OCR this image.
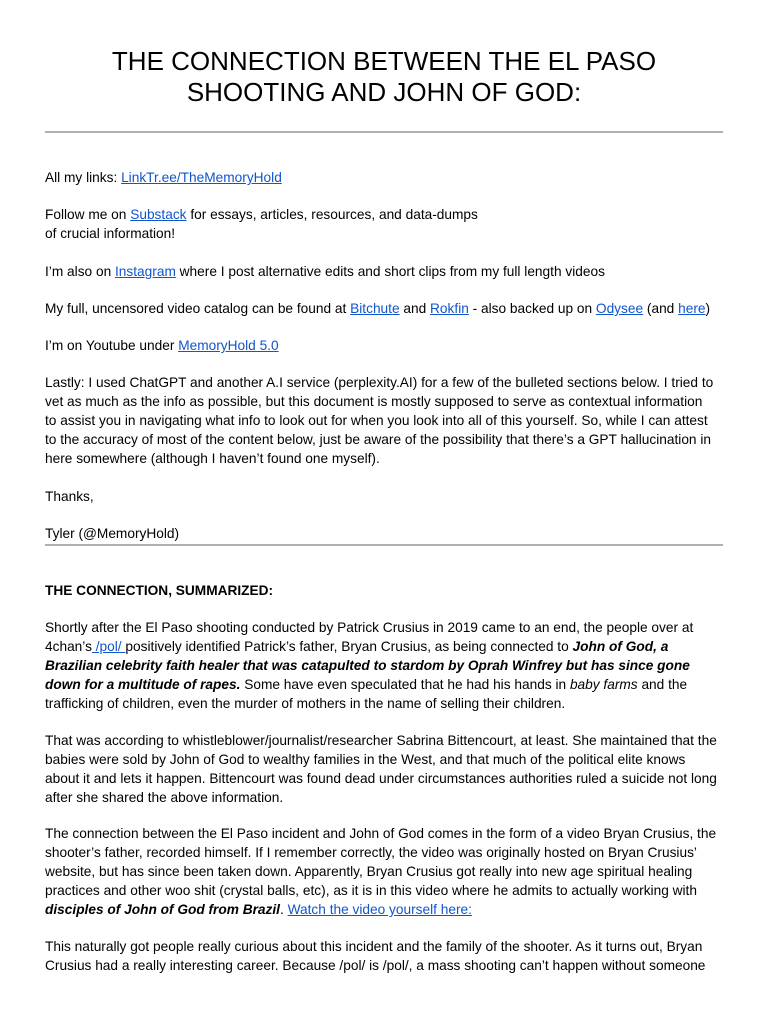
THE CONNECTION BETWEEN THE EL PASO
SHOOTING AND JOHN OF GOD:

All my links: LinkTr.ee/TheMemoryHold

Follow me on Substack for essays, articles, resources, and data-dumps
of crucial information!

I’m also on Instagram where I post alternative edits and short clips from my full length videos

My full, uncensored video catalog can be found at Bitchute and Rokfin - also backed up on Odysee (and here)

I’m on Youtube under MemoryHold 5.0

Lastly: I used ChatGPT and another A.I service (perplexity.AI) for a few of the bulleted sections below. I tried to
vet as much as the info as possible, but this document is mostly supposed to serve as contextual information
to assist you in navigating what info to look out for when you look into all of this yourself. So, while I can attest
to the accuracy of most of the content below, just be aware of the possibility that there’s a GPT hallucination in
here somewhere (although I haven’t found one myself).

Thanks,

Tyler (@MemoryHold)

THE CONNECTION, SUMMARIZED:

Shortly after the El Paso shooting conducted by Patrick Crusius in 2019 came to an end, the people over at
4chan’s /pol/ positively identified Patrick’s father, Bryan Crusius, as being connected to John of God, a
Brazilian celebrity faith healer that was catapulted to stardom by Oprah Winfrey but has since gone
down for a multitude of rapes. Some have even speculated that he had his hands in baby farms and the
trafficking of children, even the murder of mothers in the name of selling their children.

That was according to whistleblower/journalist/researcher Sabrina Bittencourt, at least. She maintained that the
babies were sold by John of God to wealthy families in the West, and that much of the political elite knows
about it and lets it happen. Bittencourt was found dead under circumstances authorities ruled a suicide not long
after she shared the above information.

The connection between the El Paso incident and John of God comes in the form of a video Bryan Crusius, the
shooter’s father, recorded himself. If I remember correctly, the video was originally hosted on Bryan Crusius’
website, but has since been taken down. Apparently, Bryan Crusius got really into new age spiritual healing
practices and other woo shit (crystal balls, etc), as it is in this video where he admits to actually working with
disciples of John of God from Brazil. Watch the video yourself here:

This naturally got people really curious about this incident and the family of the shooter. As it turns out, Bryan
Crusius had a really interesting career. Because /pol/ is /pol/, a mass shooting can’t happen without someone
